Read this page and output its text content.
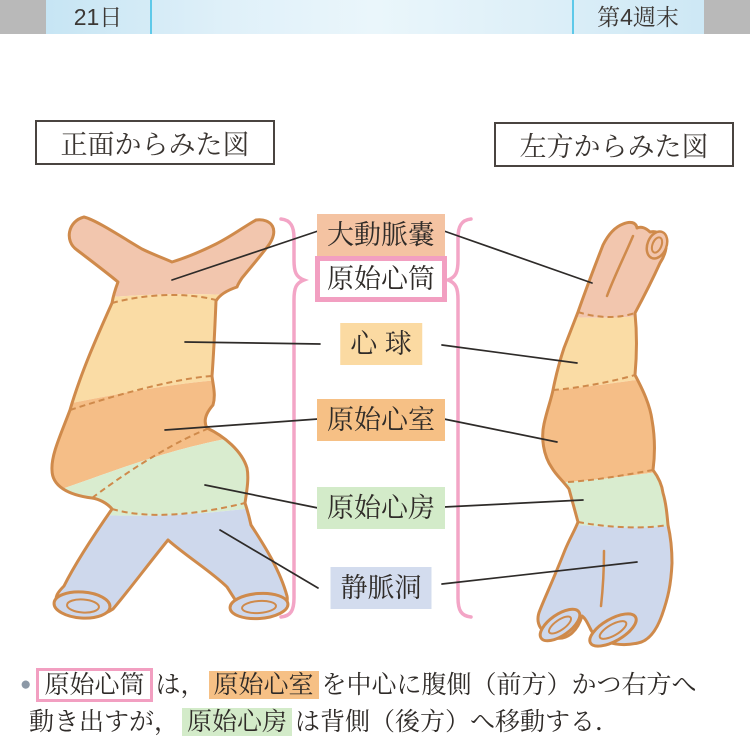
21日	第4週末
正面からみた図	左方からみた図
大動脈嚢
原始心筒
心 球
原始心室
原始心房
静脈洞
● 原始心筒 は， 原始心室 を中心に腹側（前方）かつ右方へ
動き出すが， 原始心房 は背側（後方）へ移動する．
